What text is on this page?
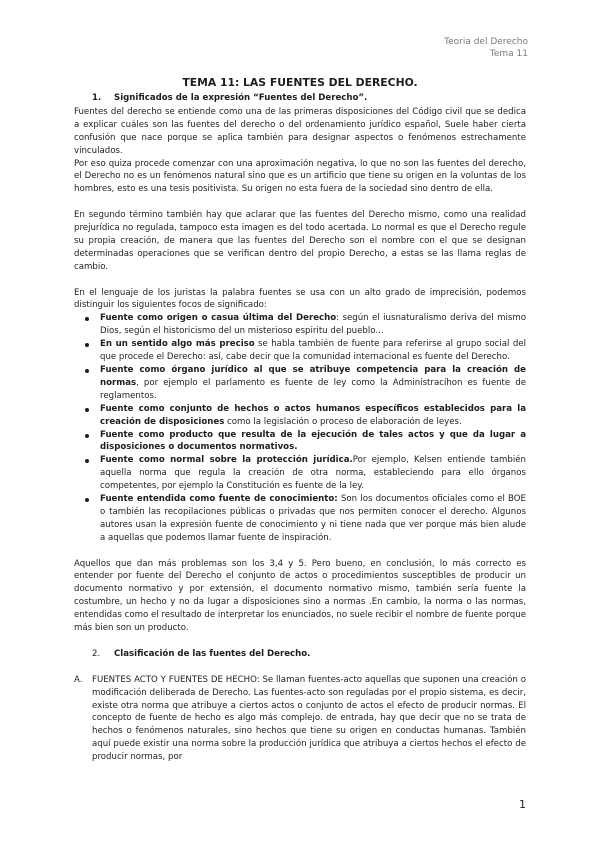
Teoria del Derecho
Tema 11
TEMA 11: LAS FUENTES DEL DERECHO.
1. Significados de la expresión “Fuentes del Derecho”.

Fuentes del derecho se entiende como una de las primeras disposiciones del Código civil que se dedica a explicar cuáles son las fuentes del derecho o del ordenamiento jurídico español, Suele haber cierta confusión que nace porque se aplica también para designar aspectos o fenómenos estrechamente vinculados.

Por eso quiza procede comenzar con una aproximación negativa, lo que no son las fuentes del derecho, el Derecho no es un fenómenos natural sino que es un artificio que tiene su origen en la voluntas de los hombres, esto es una tesis positivista. Su origen no esta fuera de la sociedad sino dentro de ella.

En segundo término también hay que aclarar que las fuentes del Derecho mismo, como una realidad prejurídica no regulada, tampoco esta imagen es del todo acertada. Lo normal es que el Derecho regule su propia creación, de manera que las fuentes del Derecho son el nombre con el que se designan determinadas operaciones que se verifican dentro del propio Derecho, a estas se las llama reglas de cambio.

En el lenguaje de los juristas la palabra fuentes se usa con un alto grado de imprecisión, podemos distinguir los siguientes focos de significado:

Fuente como origen o casua última del Derecho: según el iusnaturalismo deriva del mismo Dios, según el historicismo del un misterioso espiritu del pueblo...
En un sentido algo más preciso se habla también de fuente para referirse al grupo social del que procede el Derecho: así, cabe decir que la comunidad internacional es fuente del Derecho.
Fuente como órgano jurídico al que se atribuye competencia para la creación de normas, por ejemplo el parlamento es fuente de ley como la Administracíhon es fuente de reglamentos.
Fuente como conjunto de hechos o actos humanos específicos establecidos para la creación de disposiciones como la legislación o proceso de elaboración de leyes.
Fuente como producto que resulta de la ejecución de tales actos y que da lugar a disposiciones o documentos normativos.
Fuente como normal sobre la protección jurídica.Por ejemplo, Kelsen entiende también aquella norma que regula la creación de otra norma, estableciendo para ello órganos competentes, por ejemplo la Constitución es fuente de la ley.
Fuente entendida como fuente de conocimiento: Son los documentos oficiales como el BOE o también las recopilaciones públicas o privadas que nos permiten conocer el derecho. Algunos autores usan la expresión fuente de conocimiento y ni tiene nada que ver porque más bien alude a aquellas que podemos llamar fuente de inspiración.

Aquellos que dan más problemas son los 3,4 y 5. Pero bueno, en conclusión, lo más correcto es entender por fuente del Derecho el conjunto de actos o procedimientos susceptibles de producir un documento normativo y por extensión, el documento normativo mismo, también sería fuente la costumbre, un hecho y no da lugar a disposiciones sino a normas .En cambio, la norma o las normas, entendidas como el resultado de interpretar los enunciados, no suele recibir el nombre de fuente porque más bien son un producto.

2. Clasificación de las fuentes del Derecho.
A. FUENTES ACTO Y FUENTES DE HECHO: Se llaman fuentes-acto aquellas que suponen una creación o modificación deliberada de Derecho. Las fuentes-acto son reguladas por el propio sistema, es decir, existe otra norma que atribuye a ciertos actos o conjunto de actos el efecto de producir normas. El concepto de fuente de hecho es algo más complejo. de entrada, hay que decir que no se trata de hechos o fenómenos naturales, sino hechos que tiene su origen en conductas humanas. También aquí puede existir una norma sobre la producción jurídica que atribuya a ciertos hechos el efecto de producir normas, por
1
